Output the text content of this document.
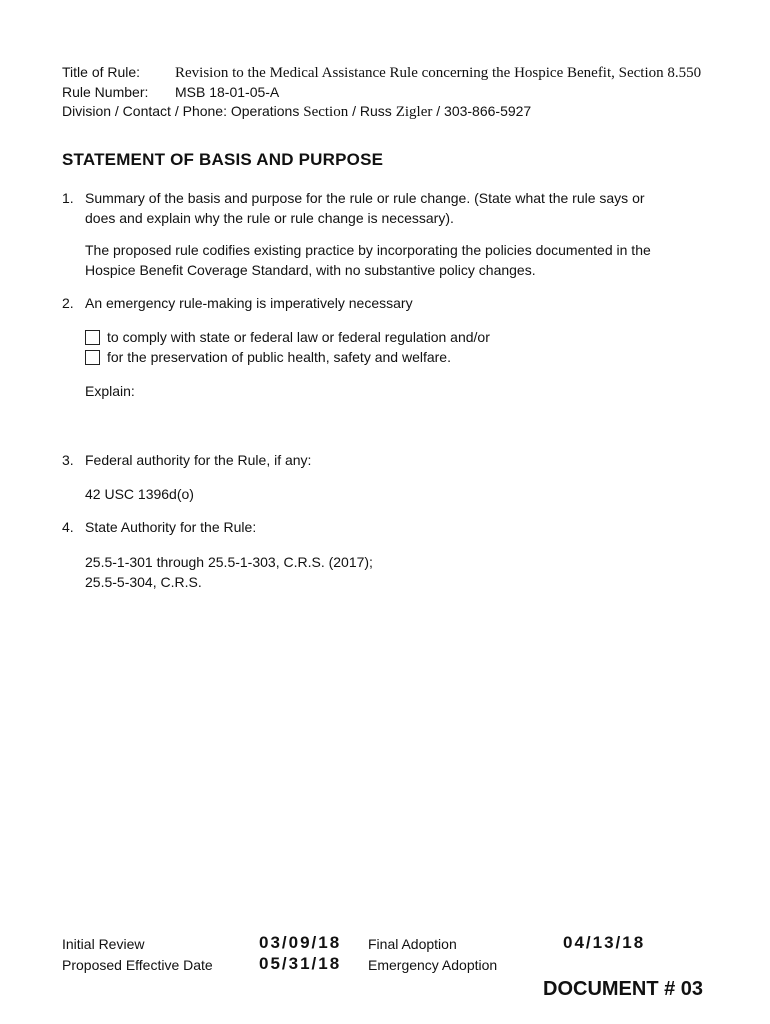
Title of Rule: Revision to the Medical Assistance Rule concerning the Hospice Benefit, Section 8.550
Rule Number: MSB 18-01-05-A
Division / Contact / Phone: Operations Section / Russ Zigler / 303-866-5927
STATEMENT OF BASIS AND PURPOSE
1. Summary of the basis and purpose for the rule or rule change. (State what the rule says or
does and explain why the rule or rule change is necessary).
The proposed rule codifies existing practice by incorporating the policies documented in the
Hospice Benefit Coverage Standard, with no substantive policy changes.
2. An emergency rule-making is imperatively necessary
to comply with state or federal law or federal regulation and/or
for the preservation of public health, safety and welfare.
Explain:
3. Federal authority for the Rule, if any:
42 USC 1396d(o)
4. State Authority for the Rule:
25.5-1-301 through 25.5-1-303, C.R.S. (2017);
25.5-5-304, C.R.S.
Initial Review	03/09/18 Final Adoption	04/13/18
Proposed Effective Date	05/31/18 Emergency Adoption
DOCUMENT # 03
